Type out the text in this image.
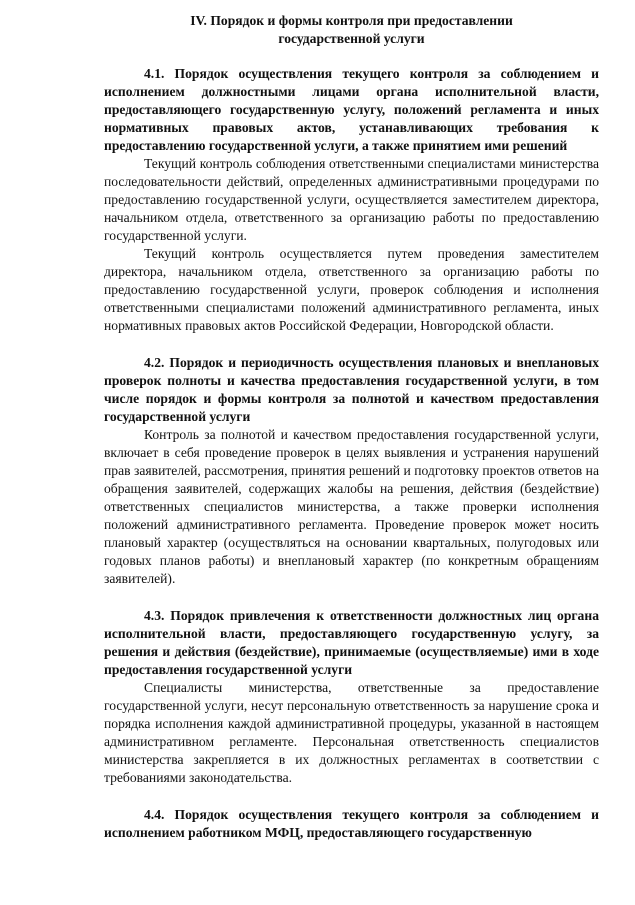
IV. Порядок и формы контроля при предоставлении
государственной услуги

4.1. Порядок осуществления текущего контроля за соблюдением и исполнением должностными лицами органа исполнительной власти, предоставляющего государственную услугу, положений регламента и иных нормативных правовых актов, устанавливающих требования к предоставлению государственной услуги, а также принятием ими решений

Текущий контроль соблюдения ответственными специалистами министерства последовательности действий, определенных административными процедурами по предоставлению государственной услуги, осуществляется заместителем директора, начальником отдела, ответственного за организацию работы по предоставлению государственной услуги.

Текущий контроль осуществляется путем проведения заместителем директора, начальником отдела, ответственного за организацию работы по предоставлению государственной услуги, проверок соблюдения и исполнения ответственными специалистами положений административного регламента, иных нормативных правовых актов Российской Федерации, Новгородской области.

4.2. Порядок и периодичность осуществления плановых и внеплановых проверок полноты и качества предоставления государственной услуги, в том числе порядок и формы контроля за полнотой и качеством предоставления государственной услуги

Контроль за полнотой и качеством предоставления государственной услуги, включает в себя проведение проверок в целях выявления и устранения нарушений прав заявителей, рассмотрения, принятия решений и подготовку проектов ответов на обращения заявителей, содержащих жалобы на решения, действия (бездействие) ответственных специалистов министерства, а также проверки исполнения положений административного регламента. Проведение проверок может носить плановый характер (осуществляться на основании квартальных, полугодовых или годовых планов работы) и внеплановый характер (по конкретным обращениям заявителей).

4.3. Порядок привлечения к ответственности должностных лиц органа исполнительной власти, предоставляющего государственную услугу, за решения и действия (бездействие), принимаемые (осуществляемые) ими в ходе предоставления государственной услуги

Специалисты министерства, ответственные за предоставление государственной услуги, несут персональную ответственность за нарушение срока и порядка исполнения каждой административной процедуры, указанной в настоящем административном регламенте. Персональная ответственность специалистов министерства закрепляется в их должностных регламентах в соответствии с требованиями законодательства.

4.4. Порядок осуществления текущего контроля за соблюдением и исполнением работником МФЦ, предоставляющего государственную
